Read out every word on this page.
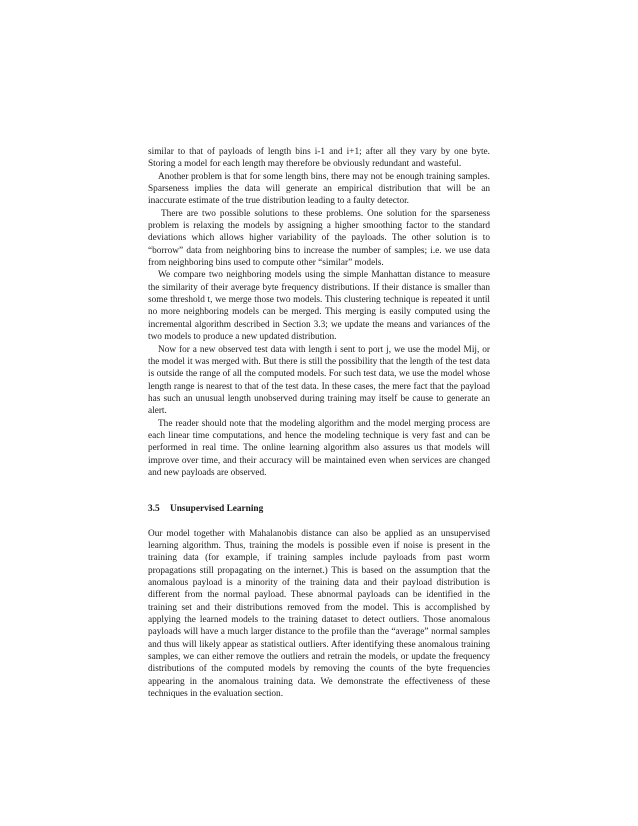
similar to that of payloads of length bins i-1 and i+1; after all they vary by one byte. Storing a model for each length may therefore be obviously redundant and wasteful.

Another problem is that for some length bins, there may not be enough training samples. Sparseness implies the data will generate an empirical distribution that will be an inaccurate estimate of the true distribution leading to a faulty detector.

There are two possible solutions to these problems. One solution for the sparseness problem is relaxing the models by assigning a higher smoothing factor to the standard deviations which allows higher variability of the payloads. The other solution is to “borrow” data from neighboring bins to increase the number of samples; i.e. we use data from neighboring bins used to compute other “similar” models.

We compare two neighboring models using the simple Manhattan distance to measure the similarity of their average byte frequency distributions. If their distance is smaller than some threshold t, we merge those two models. This clustering technique is repeated it until no more neighboring models can be merged. This merging is easily computed using the incremental algorithm described in Section 3.3; we update the means and variances of the two models to produce a new updated distribution.

Now for a new observed test data with length i sent to port j, we use the model Mij, or the model it was merged with. But there is still the possibility that the length of the test data is outside the range of all the computed models. For such test data, we use the model whose length range is nearest to that of the test data. In these cases, the mere fact that the payload has such an unusual length unobserved during training may itself be cause to generate an alert.

The reader should note that the modeling algorithm and the model merging process are each linear time computations, and hence the modeling technique is very fast and can be performed in real time. The online learning algorithm also assures us that models will improve over time, and their accuracy will be maintained even when services are changed and new payloads are observed.

3.5 Unsupervised Learning

Our model together with Mahalanobis distance can also be applied as an unsupervised learning algorithm. Thus, training the models is possible even if noise is present in the training data (for example, if training samples include payloads from past worm propagations still propagating on the internet.) This is based on the assumption that the anomalous payload is a minority of the training data and their payload distribution is different from the normal payload. These abnormal payloads can be identified in the training set and their distributions removed from the model. This is accomplished by applying the learned models to the training dataset to detect outliers. Those anomalous payloads will have a much larger distance to the profile than the “average” normal samples and thus will likely appear as statistical outliers. After identifying these anomalous training samples, we can either remove the outliers and retrain the models, or update the frequency distributions of the computed models by removing the counts of the byte frequencies appearing in the anomalous training data. We demonstrate the effectiveness of these techniques in the evaluation section.
